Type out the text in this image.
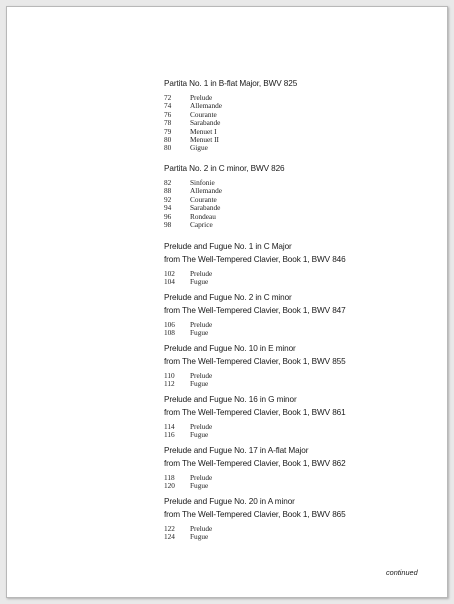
Partita No. 1 in B-flat Major, BWV 825
72	Prelude
74	Allemande
76	Courante
78	Sarabande
79	Menuet I
80	Menuet II
80	Gigue
Partita No. 2 in C minor, BWV 826
82	Sinfonie
88	Allemande
92	Courante
94	Sarabande
96	Rondeau
98	Caprice
Prelude and Fugue No. 1 in C Major
from The Well-Tempered Clavier, Book 1, BWV 846
102 Prelude
104 Fugue
Prelude and Fugue No. 2 in C minor
from The Well-Tempered Clavier, Book 1, BWV 847
106 Prelude
108 Fugue
Prelude and Fugue No. 10 in E minor
from The Well-Tempered Clavier, Book 1, BWV 855
110 Prelude
112 Fugue
Prelude and Fugue No. 16 in G minor
from The Well-Tempered Clavier, Book 1, BWV 861
114 Prelude
116 Fugue
Prelude and Fugue No. 17 in A-flat Major
from The Well-Tempered Clavier, Book 1, BWV 862
118 Prelude
120 Fugue
Prelude and Fugue No. 20 in A minor
from The Well-Tempered Clavier, Book 1, BWV 865
122 Prelude
124 Fugue
continued
